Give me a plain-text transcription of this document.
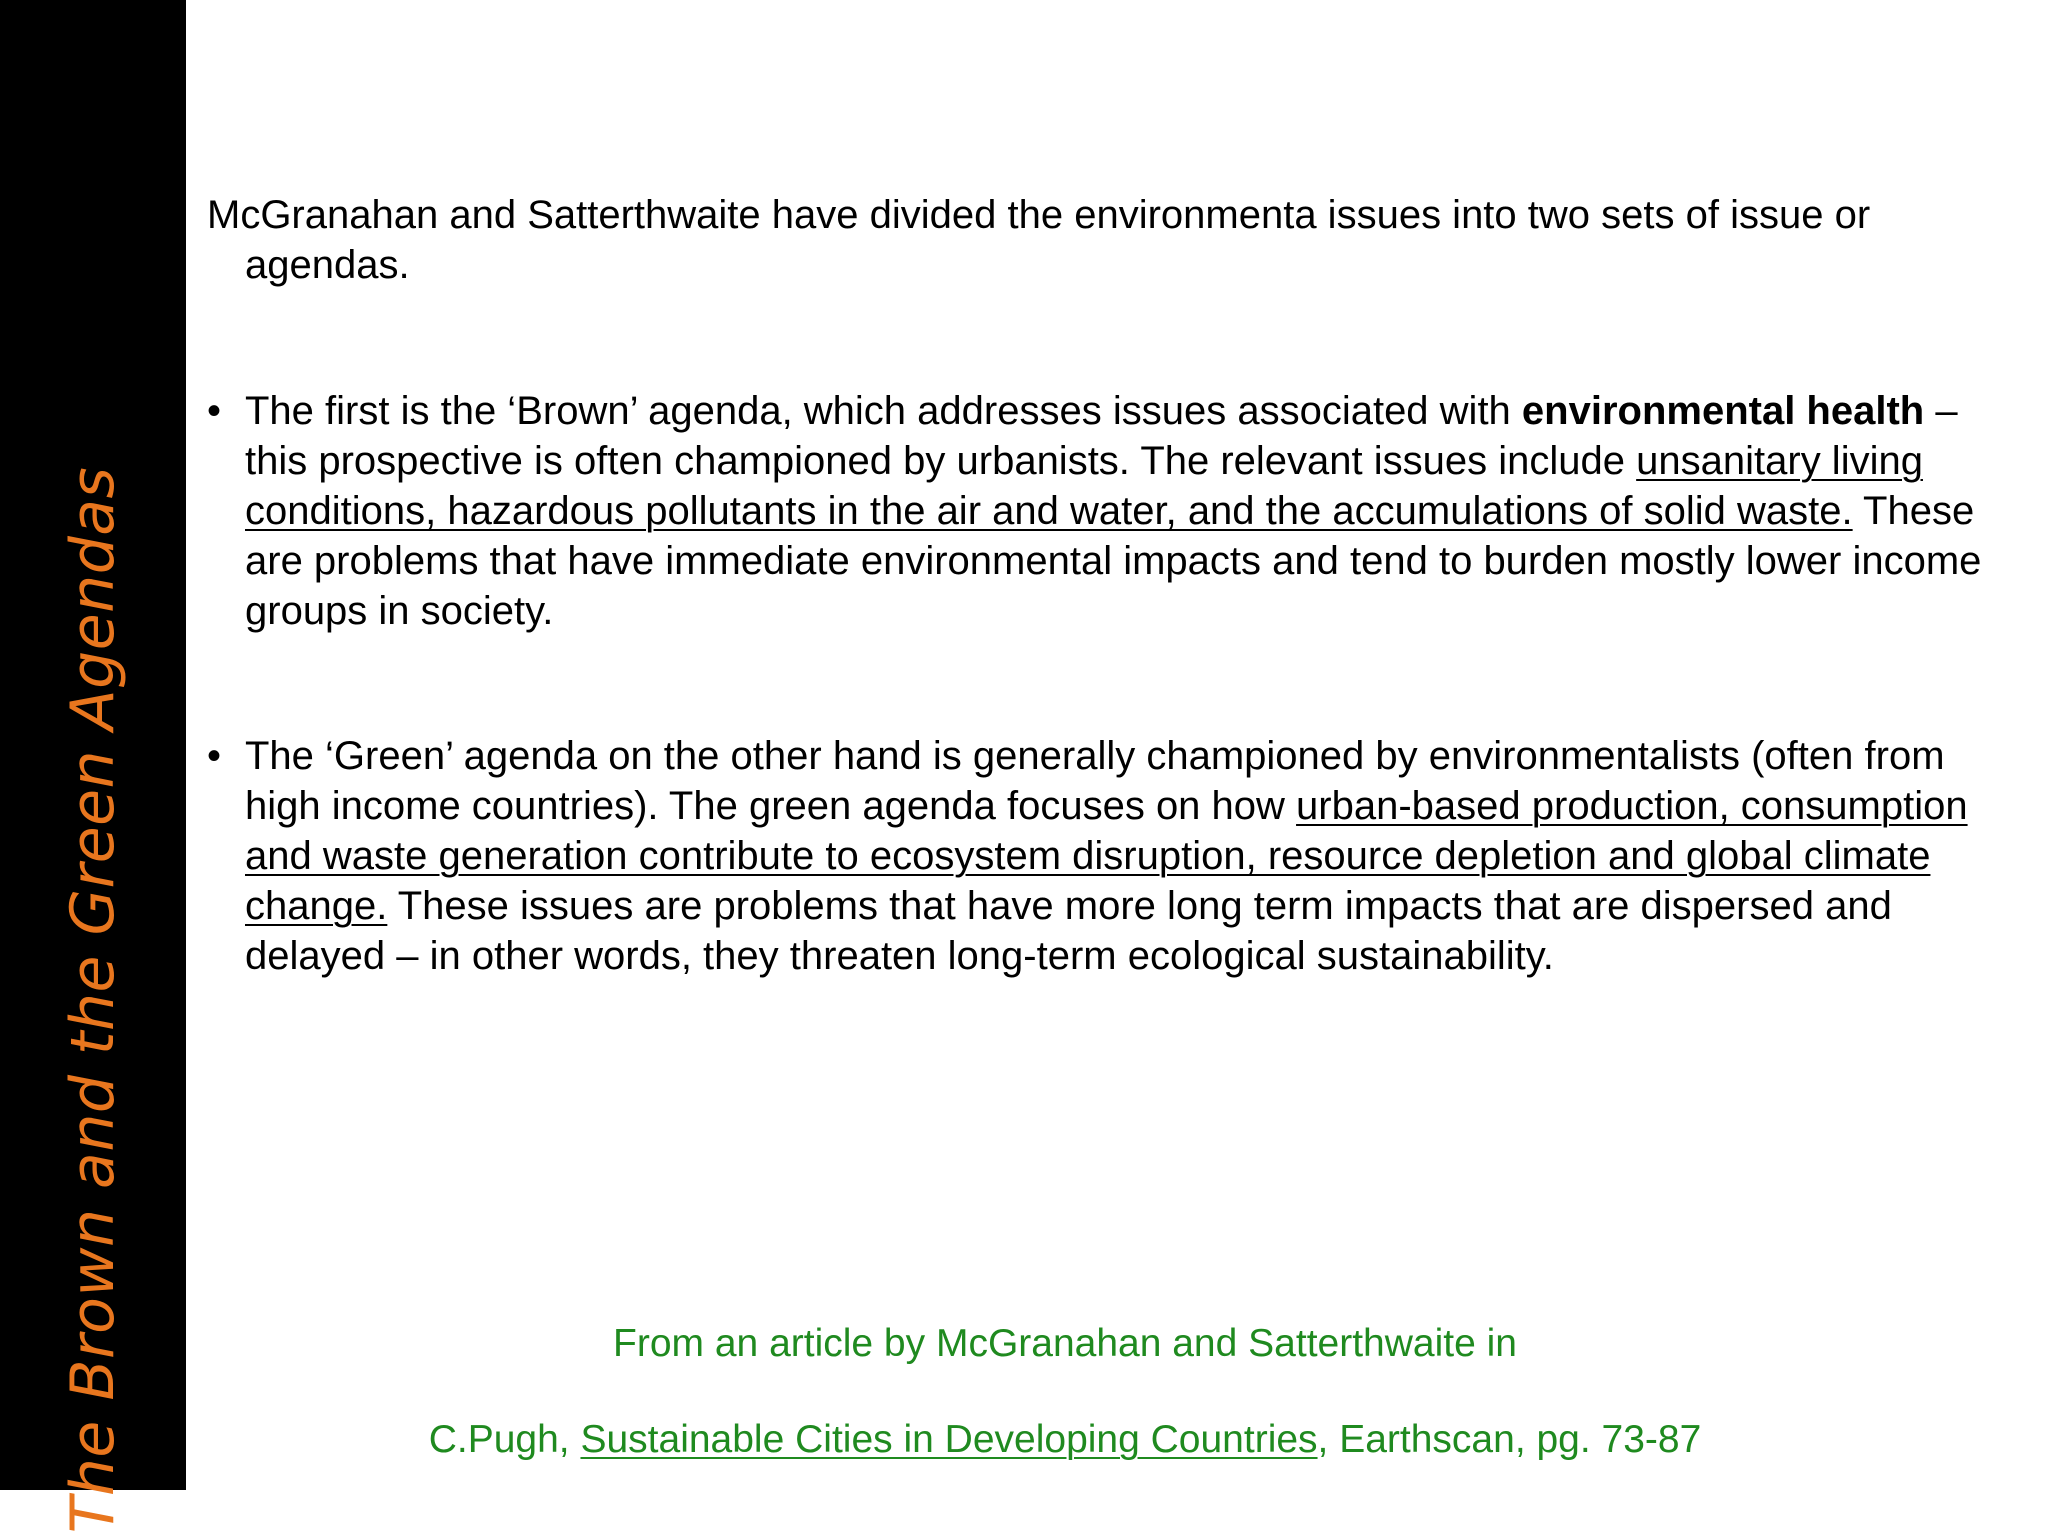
The Brown and the Green Agendas

McGranahan and Satterthwaite have divided the environmenta issues into two sets of issue or agendas.

• The first is the ‘Brown’ agenda, which addresses issues associated with environmental health – this prospective is often championed by urbanists. The relevant issues include unsanitary living conditions, hazardous pollutants in the air and water, and the accumulations of solid waste. These are problems that have immediate environmental impacts and tend to burden mostly lower income groups in society.

• The ‘Green’ agenda on the other hand is generally championed by environmentalists (often from high income countries). The green agenda focuses on how urban-based production, consumption and waste generation contribute to ecosystem disruption, resource depletion and global climate change. These issues are problems that have more long term impacts that are dispersed and delayed – in other words, they threaten long-term ecological sustainability.

From an article by McGranahan and Satterthwaite in
C.Pugh, Sustainable Cities in Developing Countries, Earthscan, pg. 73-87
